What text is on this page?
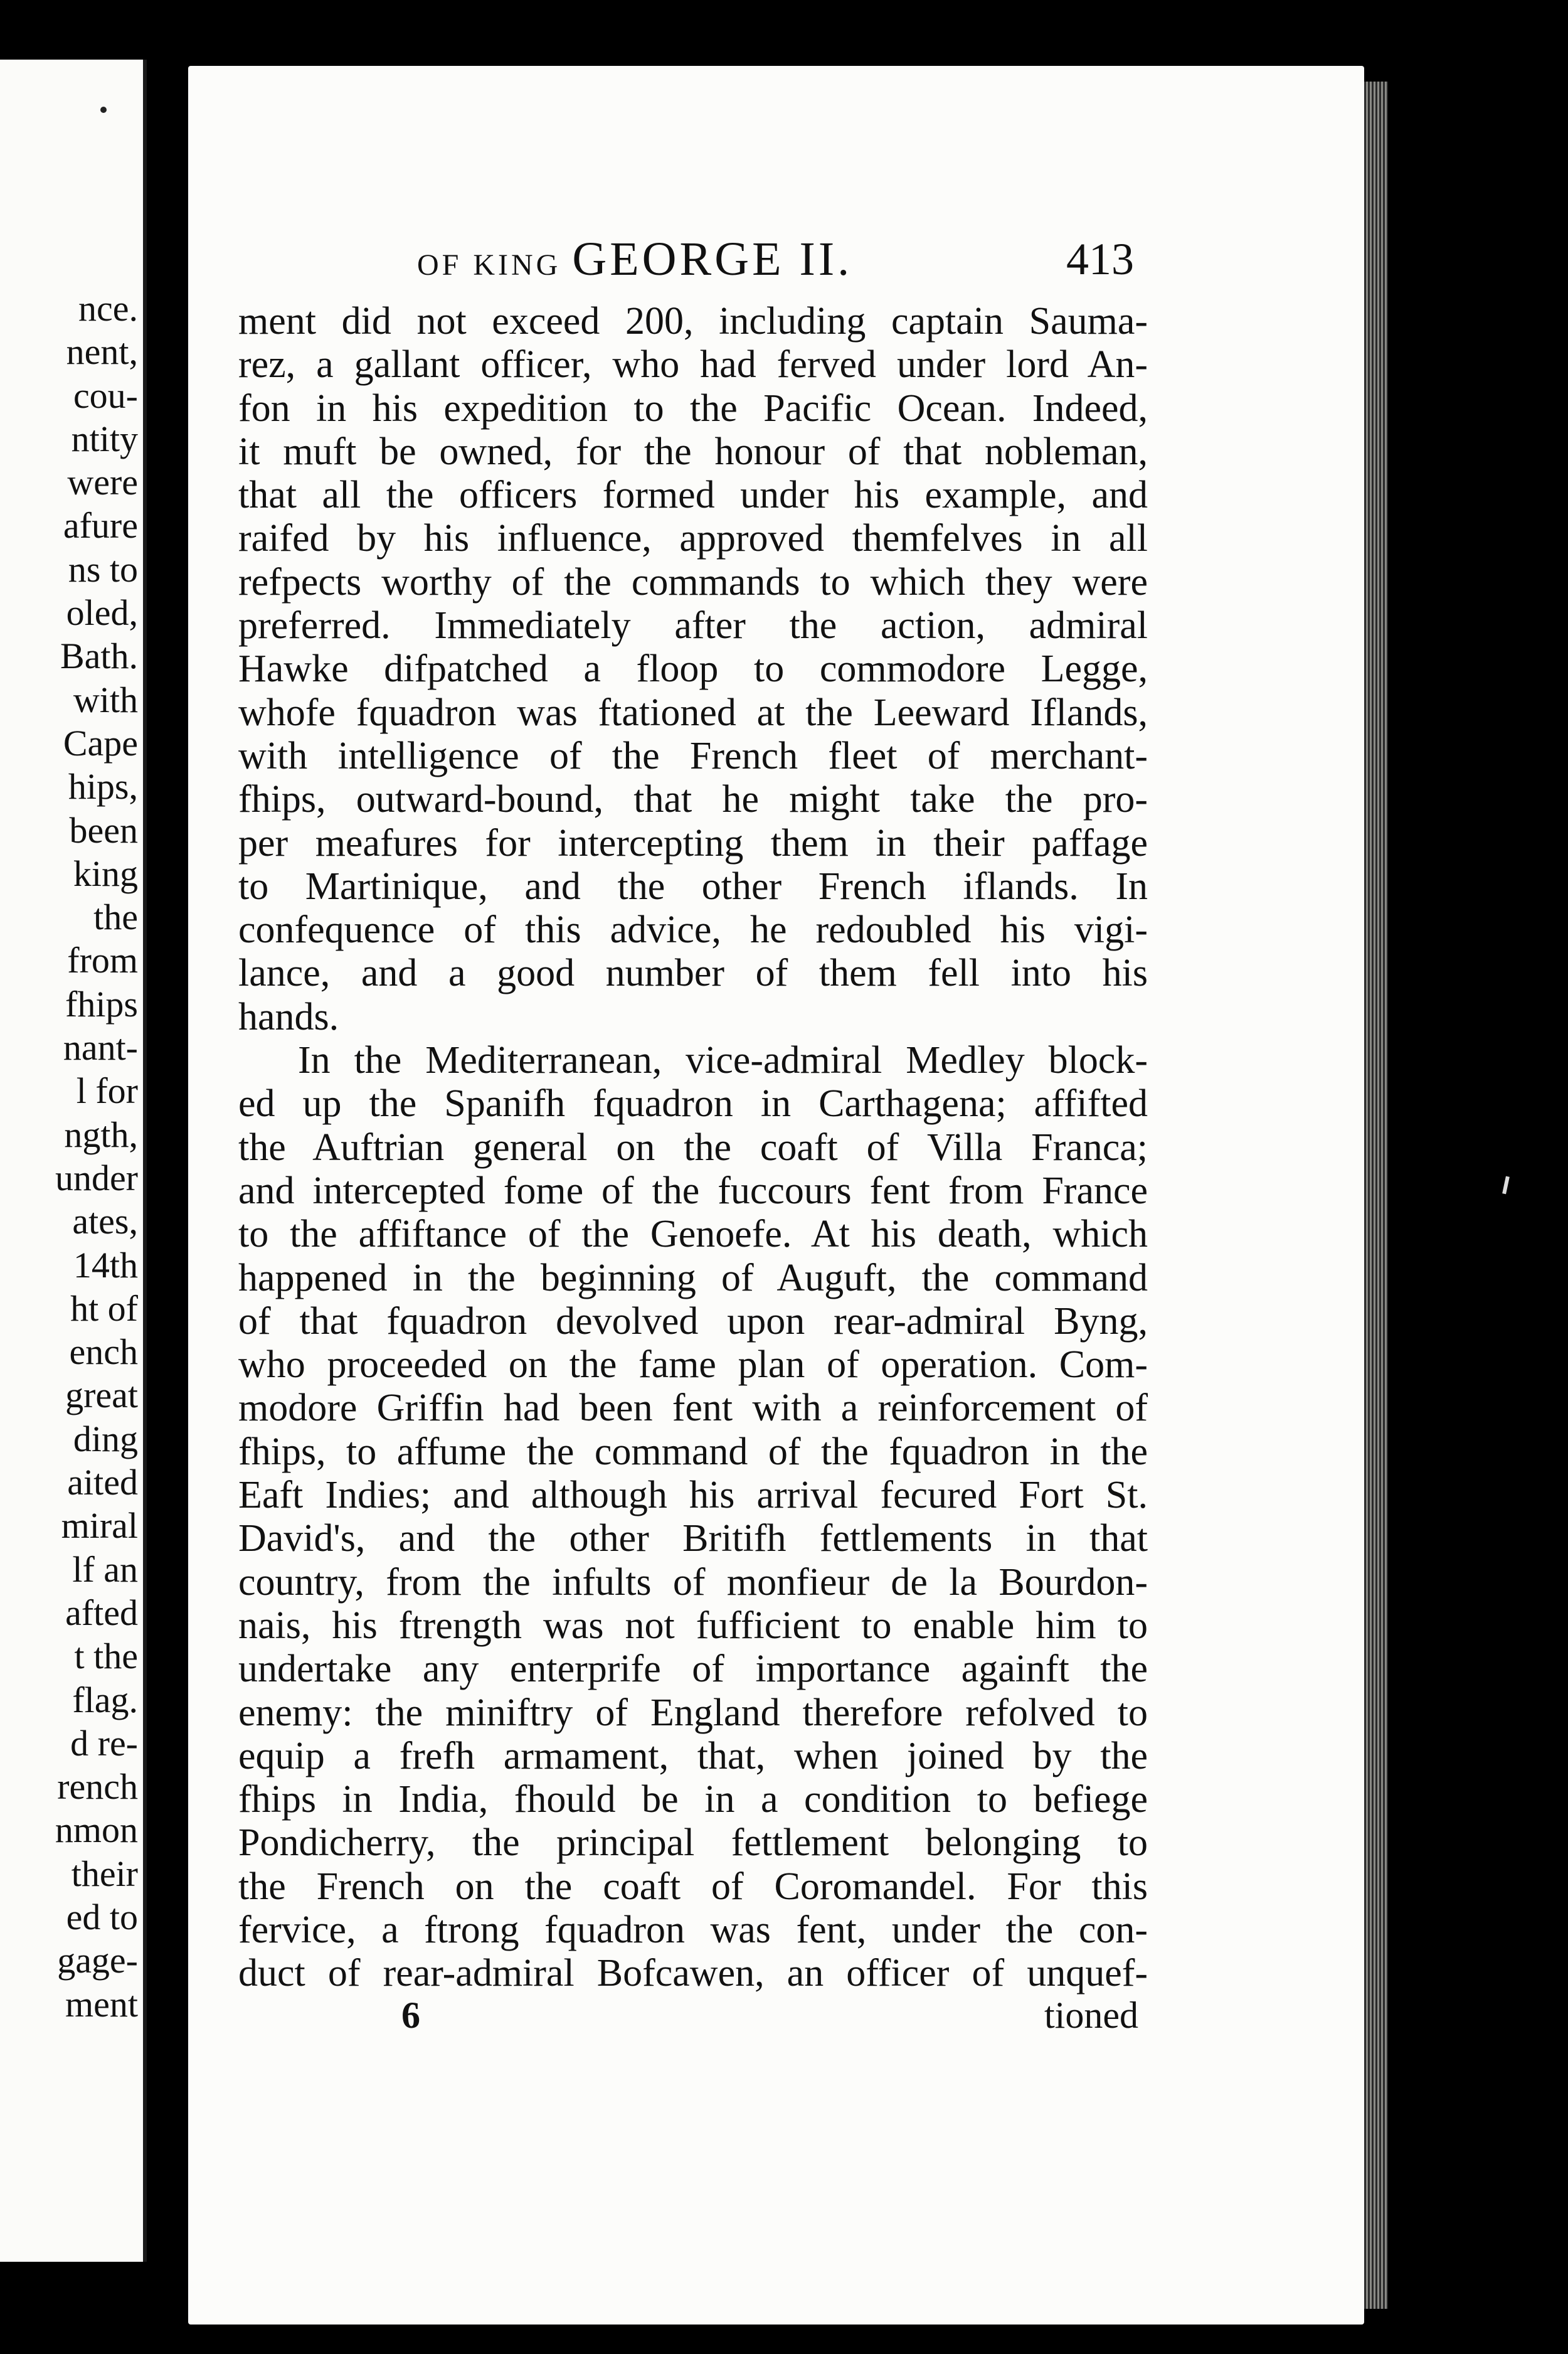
nce.
nent,
cou-
ntity
were
afure
ns to
oled,
Bath.
with
Cape
hips,
been
king
the
from
fhips
nant-
l for
ngth,
under
ates,
14th
ht of
ench
great
ding
aited
miral
lf an
afted
t the
flag.
d re-
rench
nmon
their
ed to
gage-
ment
OF KING GEORGE II.	413
ment did not exceed 200, including captain Sauma-
rez, a gallant officer, who had ferved under lord An-
fon in his expedition to the Pacific Ocean. Indeed,
it muft be owned, for the honour of that nobleman,
that all the officers formed under his example, and
raifed by his influence, approved themfelves in all
refpects worthy of the commands to which they were
preferred. Immediately after the action, admiral
Hawke difpatched a floop to commodore Legge,
whofe fquadron was ftationed at the Leeward Iflands,
with intelligence of the French fleet of merchant-
fhips, outward-bound, that he might take the pro-
per meafures for intercepting them in their paffage
to Martinique, and the other French iflands. In
confequence of this advice, he redoubled his vigi-
lance, and a good number of them fell into his
hands.
In the Mediterranean, vice-admiral Medley block-
ed up the Spanifh fquadron in Carthagena; affifted
the Auftrian general on the coaft of Villa Franca;
and intercepted fome of the fuccours fent from France
to the affiftance of the Genoefe. At his death, which
happened in the beginning of Auguft, the command
of that fquadron devolved upon rear-admiral Byng,
who proceeded on the fame plan of operation. Com-
modore Griffin had been fent with a reinforcement of
fhips, to affume the command of the fquadron in the
Eaft Indies; and although his arrival fecured Fort St.
David's, and the other Britifh fettlements in that
country, from the infults of monfieur de la Bourdon-
nais, his ftrength was not fufficient to enable him to
undertake any enterprife of importance againft the
enemy: the miniftry of England therefore refolved to
equip a frefh armament, that, when joined by the
fhips in India, fhould be in a condition to befiege
Pondicherry, the principal fettlement belonging to
the French on the coaft of Coromandel. For this
fervice, a ftrong fquadron was fent, under the con-
duct of rear-admiral Bofcawen, an officer of unquef-
6	tioned
